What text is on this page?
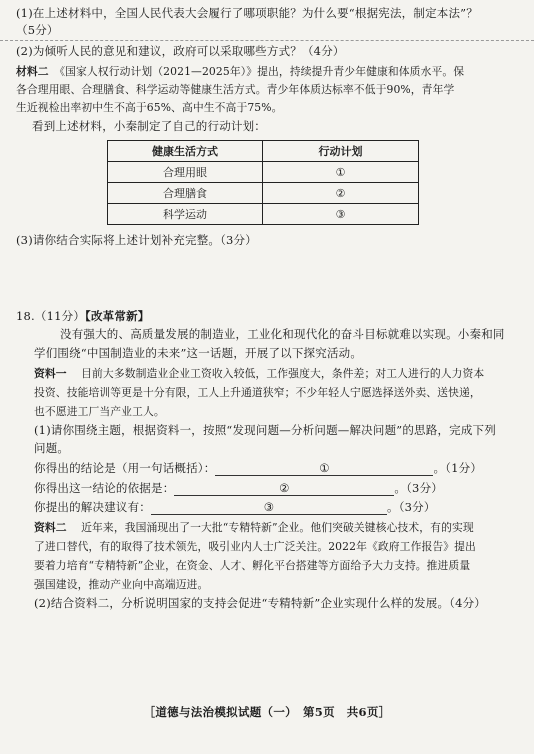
(1)在上述材料中，全国人民代表大会履行了哪项职能？为什么要“根据宪法，制定本法”？
（5分）
(2)为倾听人民的意见和建议，政府可以采取哪些方式？（4分）
材料二　 《国家人权行动计划（2021—2025年）》提出，持续提升青少年健康和体质水平。保
各合理用眼、合理膳食、科学运动等健康生活方式。青少年体质达标率不低于90%，青年学
生近视检出率初中生不高于65%、高中生不高于75%。
看到上述材料，小秦制定了自己的行动计划：
健康生活方式	行动计划
合理用眼	①
合理膳食	②
科学运动	③
(3)请你结合实际将上述计划补充完整。（3分）
18.（11分）【改革常新】
没有强大的、高质量发展的制造业，工业化和现代化的奋斗目标就难以实现。小秦和同
学们围绕“中国制造业的未来”这一话题，开展了以下探究活动。
资料一　 目前大多数制造业企业工资收入较低，工作强度大，条件差；对工人进行的人力资本
投资、技能培训等更是十分有限，工人上升通道狭窄；不少年轻人宁愿选择送外卖、送快递，
也不愿进工厂当产业工人。
(1)请你围绕主题，根据资料一，按照“发现问题—分析问题—解决问题”的思路，完成下列
问题。
你得出的结论是（用一句话概括）：	①	。（1分）
你得出这一结论的依据是：	②	。（3分）
你提出的解决建议有：	③	。（3分）
资料二　 近年来，我国涌现出了一大批“专精特新”企业。他们突破关键核心技术，有的实现
了进口替代，有的取得了技术领先，吸引业内人士广泛关注。2022年《政府工作报告》提出
要着力培育“专精特新”企业，在资金、人才、孵化平台搭建等方面给予大力支持。推进质量
强国建设，推动产业向中高端迈进。
(2)结合资料二，分析说明国家的支持会促进“专精特新”企业实现什么样的发展。（4分）
［道德与法治模拟试题（一）　第5页　共6页］
